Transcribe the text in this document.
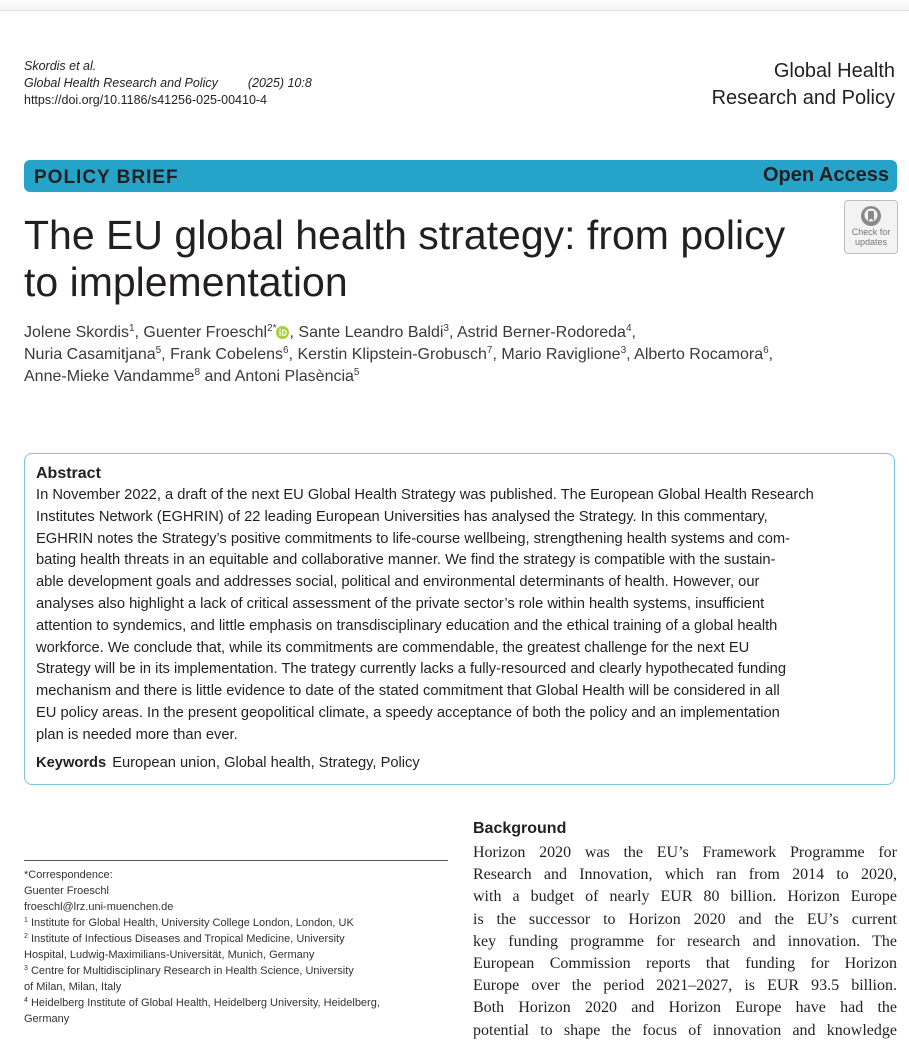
Skordis et al.
Global Health Research and Policy (2025) 10:8
https://doi.org/10.1186/s41256-025-00410-4
Global Health
Research and Policy
POLICY BRIEF	Open Access
The EU global health strategy: from policy
to implementation
Check for
updates
Jolene Skordis$^1$, Guenter Froeschl$^{2*}$ , Sante Leandro Baldi$^3$, Astrid Berner-Rodoreda$^4$,
Nuria Casamitjana$^5$, Frank Cobelens$^6$, Kerstin Klipstein-Grobusch$^7$, Mario Raviglione$^3$, Alberto Rocamora$^6$,
Anne-Mieke Vandamme$^8$ and Antoni Plasència$^5$
Abstract
In November 2022, a draft of the next EU Global Health Strategy was published. The European Global Health Research
Institutes Network (EGHRIN) of 22 leading European Universities has analysed the Strategy. In this commentary,
EGHRIN notes the Strategy’s positive commitments to life-course wellbeing, strengthening health systems and com-
bating health threats in an equitable and collaborative manner. We find the strategy is compatible with the sustain-
able development goals and addresses social, political and environmental determinants of health. However, our
analyses also highlight a lack of critical assessment of the private sector’s role within health systems, insufficient
attention to syndemics, and little emphasis on transdisciplinary education and the ethical training of a global health
workforce. We conclude that, while its commitments are commendable, the greatest challenge for the next EU
Strategy will be in its implementation. The trategy currently lacks a fully-resourced and clearly hypothecated funding
mechanism and there is little evidence to date of the stated commitment that Global Health will be considered in all
EU policy areas. In the present geopolitical climate, a speedy acceptance of both the policy and an implementation
plan is needed more than ever.
Keywords European union, Global health, Strategy, Policy
*Correspondence:
Guenter Froeschl
froeschl@lrz.uni-muenchen.de
$^1$ Institute for Global Health, University College London, London, UK
$^2$ Institute of Infectious Diseases and Tropical Medicine, University
Hospital, Ludwig-Maximilians-Universität, Munich, Germany
$^3$ Centre for Multidisciplinary Research in Health Science, University
of Milan, Milan, Italy
$^4$ Heidelberg Institute of Global Health, Heidelberg University, Heidelberg,
Germany
Background
Horizon 2020 was the EU’s Framework Programme for
Research and Innovation, which ran from 2014 to 2020,
with a budget of nearly EUR 80 billion. Horizon Europe
is the successor to Horizon 2020 and the EU’s current
key funding programme for research and innovation. The
European Commission reports that funding for Horizon
Europe over the period 2021–2027, is EUR 93.5 billion.
Both Horizon 2020 and Horizon Europe have had the
potential to shape the focus of innovation and knowledge
